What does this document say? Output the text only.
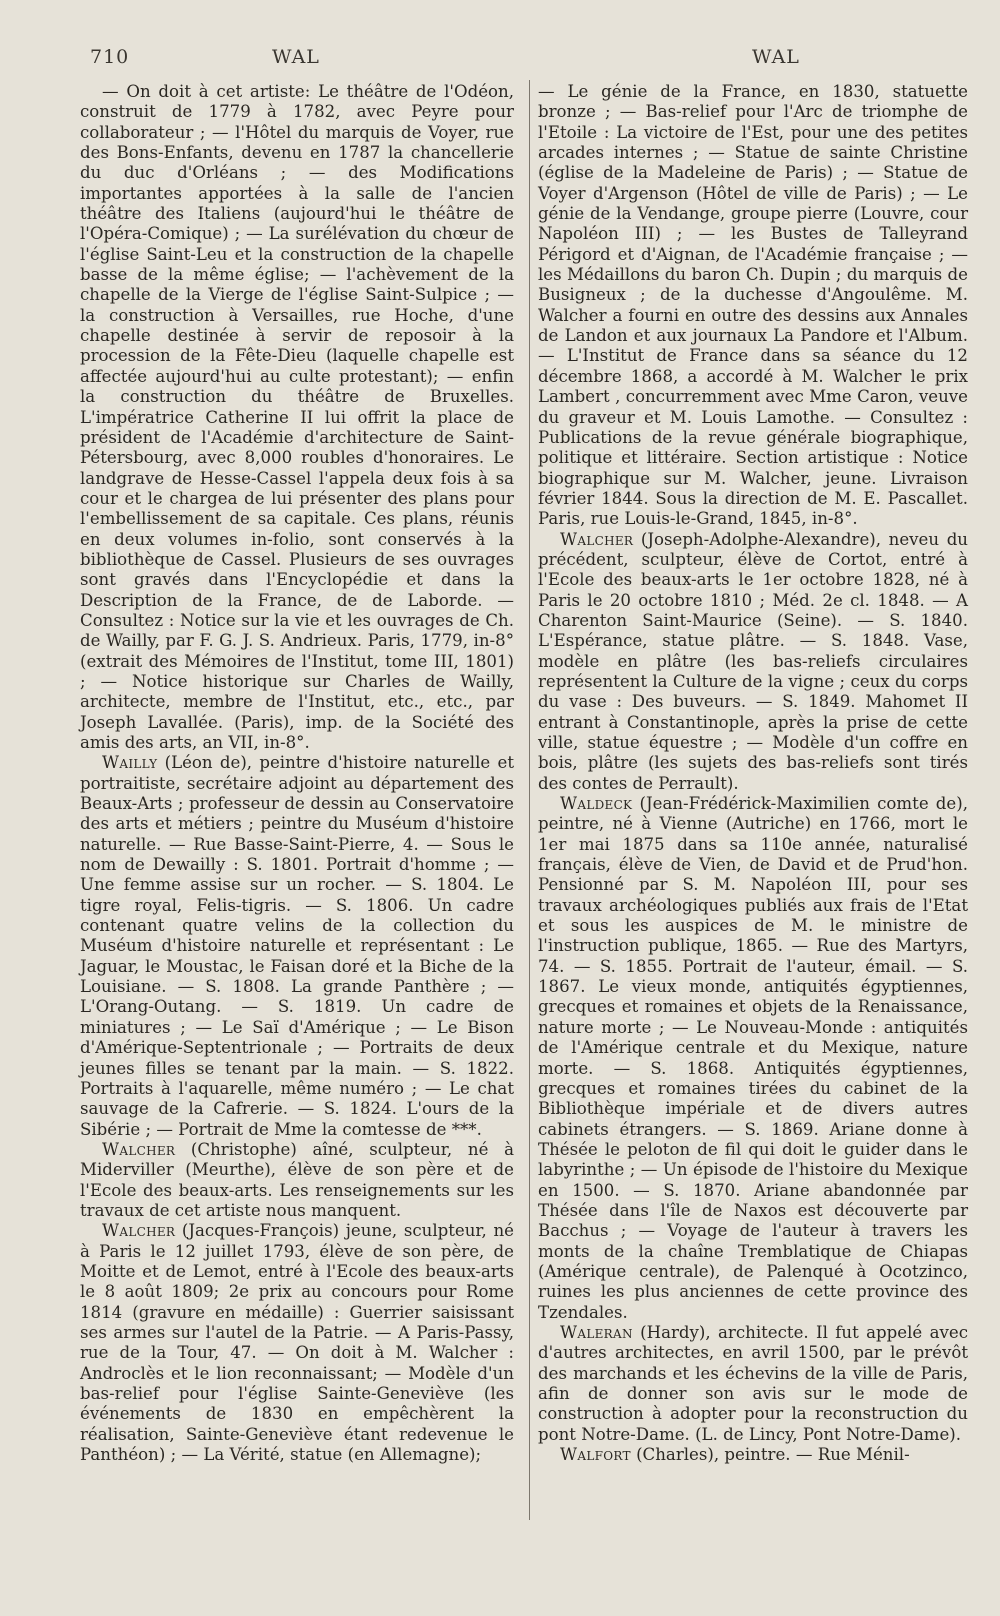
710	WAL	WAL

— On doit à cet artiste: Le théâtre de l'Odéon, construit de 1779 à 1782, avec Peyre pour collaborateur ; — l'Hôtel du marquis de Voyer, rue des Bons-Enfants, devenu en 1787 la chancellerie du duc d'Orléans ; — des Modifications importantes apportées à la salle de l'ancien théâtre des Italiens (aujourd'hui le théâtre de l'Opéra-Comique) ; — La surélévation du chœur de l'église Saint-Leu et la construction de la chapelle basse de la même église; — l'achèvement de la chapelle de la Vierge de l'église Saint-Sulpice ; — la construction à Versailles, rue Hoche, d'une chapelle destinée à servir de reposoir à la procession de la Fête-Dieu (laquelle chapelle est affectée aujourd'hui au culte protestant); — enfin la construction du théâtre de Bruxelles. L'impératrice Catherine II lui offrit la place de président de l'Académie d'architecture de Saint-Pétersbourg, avec 8,000 roubles d'honoraires. Le landgrave de Hesse-Cassel l'appela deux fois à sa cour et le chargea de lui présenter des plans pour l'embellissement de sa capitale. Ces plans, réunis en deux volumes in-folio, sont conservés à la bibliothèque de Cassel. Plusieurs de ses ouvrages sont gravés dans l'Encyclopédie et dans la Description de la France, de de Laborde. — Consultez : Notice sur la vie et les ouvrages de Ch. de Wailly, par F. G. J. S. Andrieux. Paris, 1779, in-8° (extrait des Mémoires de l'Institut, tome III, 1801) ; — Notice historique sur Charles de Wailly, architecte, membre de l'Institut, etc., etc., par Joseph Lavallée. (Paris), imp. de la Société des amis des arts, an VII, in-8°.

Wailly (Léon de), peintre d'histoire naturelle et portraitiste, secrétaire adjoint au département des Beaux-Arts ; professeur de dessin au Conservatoire des arts et métiers ; peintre du Muséum d'histoire naturelle. — Rue Basse-Saint-Pierre, 4. — Sous le nom de Dewailly : S. 1801. Portrait d'homme ; — Une femme assise sur un rocher. — S. 1804. Le tigre royal, Felis-tigris. — S. 1806. Un cadre contenant quatre velins de la collection du Muséum d'histoire naturelle et représentant : Le Jaguar, le Moustac, le Faisan doré et la Biche de la Louisiane. — S. 1808. La grande Panthère ; — L'Orang-Outang. — S. 1819. Un cadre de miniatures ; — Le Saï d'Amérique ; — Le Bison d'Amérique-Septentrionale ; — Portraits de deux jeunes filles se tenant par la main. — S. 1822. Portraits à l'aquarelle, même numéro ; — Le chat sauvage de la Cafrerie. — S. 1824. L'ours de la Sibérie ; — Portrait de Mme la comtesse de ***.

Walcher (Christophe) aîné, sculpteur, né à Miderviller (Meurthe), élève de son père et de l'Ecole des beaux-arts. Les renseignements sur les travaux de cet artiste nous manquent.

Walcher (Jacques-François) jeune, sculpteur, né à Paris le 12 juillet 1793, élève de son père, de Moitte et de Lemot, entré à l'Ecole des beaux-arts le 8 août 1809; 2e prix au concours pour Rome 1814 (gravure en médaille) : Guerrier saisissant ses armes sur l'autel de la Patrie. — A Paris-Passy, rue de la Tour, 47. — On doit à M. Walcher : Androclès et le lion reconnaissant; — Modèle d'un bas-relief pour l'église Sainte-Geneviève (les événements de 1830 en empêchèrent la réalisation, Sainte-Geneviève étant redevenue le Panthéon) ; — La Vérité, statue (en Allemagne);

— Le génie de la France, en 1830, statuette bronze ; — Bas-relief pour l'Arc de triomphe de l'Etoile : La victoire de l'Est, pour une des petites arcades internes ; — Statue de sainte Christine (église de la Madeleine de Paris) ; — Statue de Voyer d'Argenson (Hôtel de ville de Paris) ; — Le génie de la Vendange, groupe pierre (Louvre, cour Napoléon III) ; — les Bustes de Talleyrand Périgord et d'Aignan, de l'Académie française ; — les Médaillons du baron Ch. Dupin ; du marquis de Busigneux ; de la duchesse d'Angoulême. M. Walcher a fourni en outre des dessins aux Annales de Landon et aux journaux La Pandore et l'Album. — L'Institut de France dans sa séance du 12 décembre 1868, a accordé à M. Walcher le prix Lambert , concurremment avec Mme Caron, veuve du graveur et M. Louis Lamothe. — Consultez : Publications de la revue générale biographique, politique et littéraire. Section artistique : Notice biographique sur M. Walcher, jeune. Livraison février 1844. Sous la direction de M. E. Pascallet. Paris, rue Louis-le-Grand, 1845, in-8°.

Walcher (Joseph-Adolphe-Alexandre), neveu du précédent, sculpteur, élève de Cortot, entré à l'Ecole des beaux-arts le 1er octobre 1828, né à Paris le 20 octobre 1810 ; Méd. 2e cl. 1848. — A Charenton Saint-Maurice (Seine). — S. 1840. L'Espérance, statue plâtre. — S. 1848. Vase, modèle en plâtre (les bas-reliefs circulaires représentent la Culture de la vigne ; ceux du corps du vase : Des buveurs. — S. 1849. Mahomet II entrant à Constantinople, après la prise de cette ville, statue équestre ; — Modèle d'un coffre en bois, plâtre (les sujets des bas-reliefs sont tirés des contes de Perrault).

Waldeck (Jean-Frédérick-Maximilien comte de), peintre, né à Vienne (Autriche) en 1766, mort le 1er mai 1875 dans sa 110e année, naturalisé français, élève de Vien, de David et de Prud'hon. Pensionné par S. M. Napoléon III, pour ses travaux archéologiques publiés aux frais de l'Etat et sous les auspices de M. le ministre de l'instruction publique, 1865. — Rue des Martyrs, 74. — S. 1855. Portrait de l'auteur, émail. — S. 1867. Le vieux monde, antiquités égyptiennes, grecques et romaines et objets de la Renaissance, nature morte ; — Le Nouveau-Monde : antiquités de l'Amérique centrale et du Mexique, nature morte. — S. 1868. Antiquités égyptiennes, grecques et romaines tirées du cabinet de la Bibliothèque impériale et de divers autres cabinets étrangers. — S. 1869. Ariane donne à Thésée le peloton de fil qui doit le guider dans le labyrinthe ; — Un épisode de l'histoire du Mexique en 1500. — S. 1870. Ariane abandonnée par Thésée dans l'île de Naxos est découverte par Bacchus ; — Voyage de l'auteur à travers les monts de la chaîne Tremblatique de Chiapas (Amérique centrale), de Palenqué à Ocotzinco, ruines les plus anciennes de cette province des Tzendales.

Waleran (Hardy), architecte. Il fut appelé avec d'autres architectes, en avril 1500, par le prévôt des marchands et les échevins de la ville de Paris, afin de donner son avis sur le mode de construction à adopter pour la reconstruction du pont Notre-Dame. (L. de Lincy, Pont Notre-Dame).

Walfort (Charles), peintre. — Rue Ménil-
